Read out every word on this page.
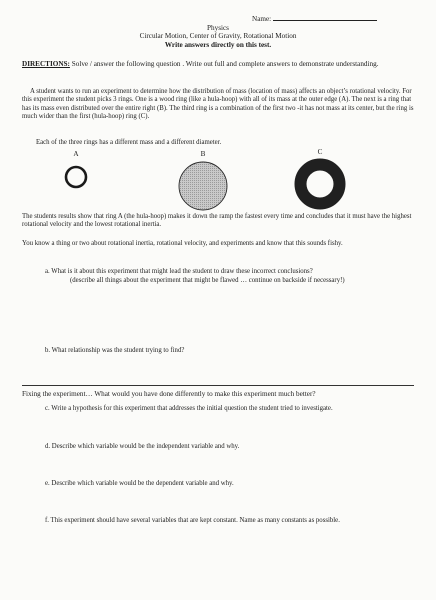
Name:
Physics
Circular Motion, Center of Gravity, Rotational Motion
Write answers directly on this test.
DIRECTIONS: Solve / answer the following question . Write out full and complete answers to demonstrate understanding.
A student wants to run an experiment to determine how the distribution of mass (location of mass) affects an object’s rotational velocity. For this experiment the student picks 3 rings. One is a wood ring (like a hula-hoop) with all of its mass at the outer edge (A). The next is a ring that has its mass even distributed over the entire right (B). The third ring is a combination of the first two -it has not mass at its center, but the ring is much wider than the first (hula-hoop) ring (C).
Each of the three rings has a different mass and a different diameter.
A	B	C
The students results show that ring A (the hula-hoop) makes it down the ramp the fastest every time and concludes that it must have the highest rotational velocity and the lowest rotational inertia.
You know a thing or two about rotational inertia, rotational velocity, and experiments and know that this sounds fishy.
a. What is it about this experiment that might lead the student to draw these incorrect conclusions?
(describe all things about the experiment that might be flawed … continue on backside if necessary!)
b. What relationship was the student trying to find?
Fixing the experiment… What would you have done differently to make this experiment much better?
c. Write a hypothesis for this experiment that addresses the initial question the student tried to investigate.
d. Describe which variable would be the independent variable and why.
e. Describe which variable would be the dependent variable and why.
f. This experiment should have several variables that are kept constant. Name as many constants as possible.
